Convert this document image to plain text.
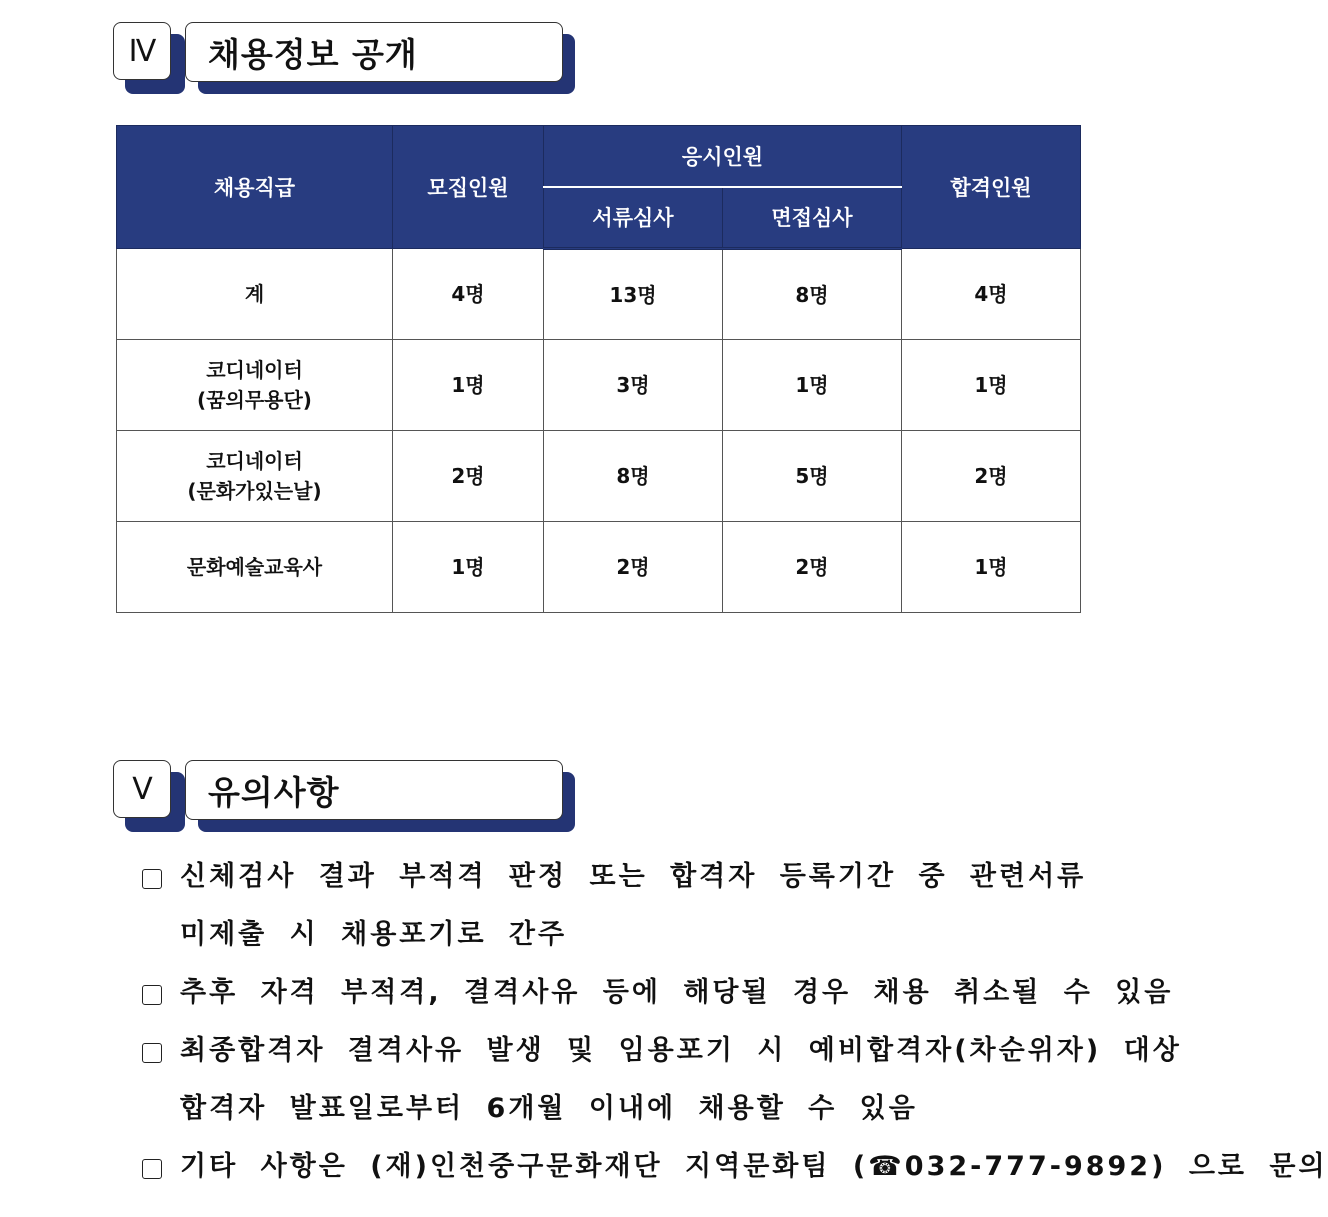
Ⅳ	채용정보 공개
채용직급	모집인원	응시인원		합격인원
		서류심사	면접심사	

계	4명	13명	8명	4명

코디네이터
(꿈의무용단)	1명	3명	1명	1명

코디네이터
(문화가있는날)	2명	8명	5명	2명

문화예술교육사	1명	2명	2명	1명
Ⅴ	유의사항
신체검사 결과 부적격 판정 또는 합격자 등록기간 중 관련서류
미제출 시 채용포기로 간주
추후 자격 부적격, 결격사유 등에 해당될 경우 채용 취소될 수 있음
최종합격자 결격사유 발생 및 임용포기 시 예비합격자(차순위자) 대상
합격자 발표일로부터 6개월 이내에 채용할 수 있음
기타 사항은 (재)인천중구문화재단 지역문화팀 (☎032-777-9892) 으로 문의
